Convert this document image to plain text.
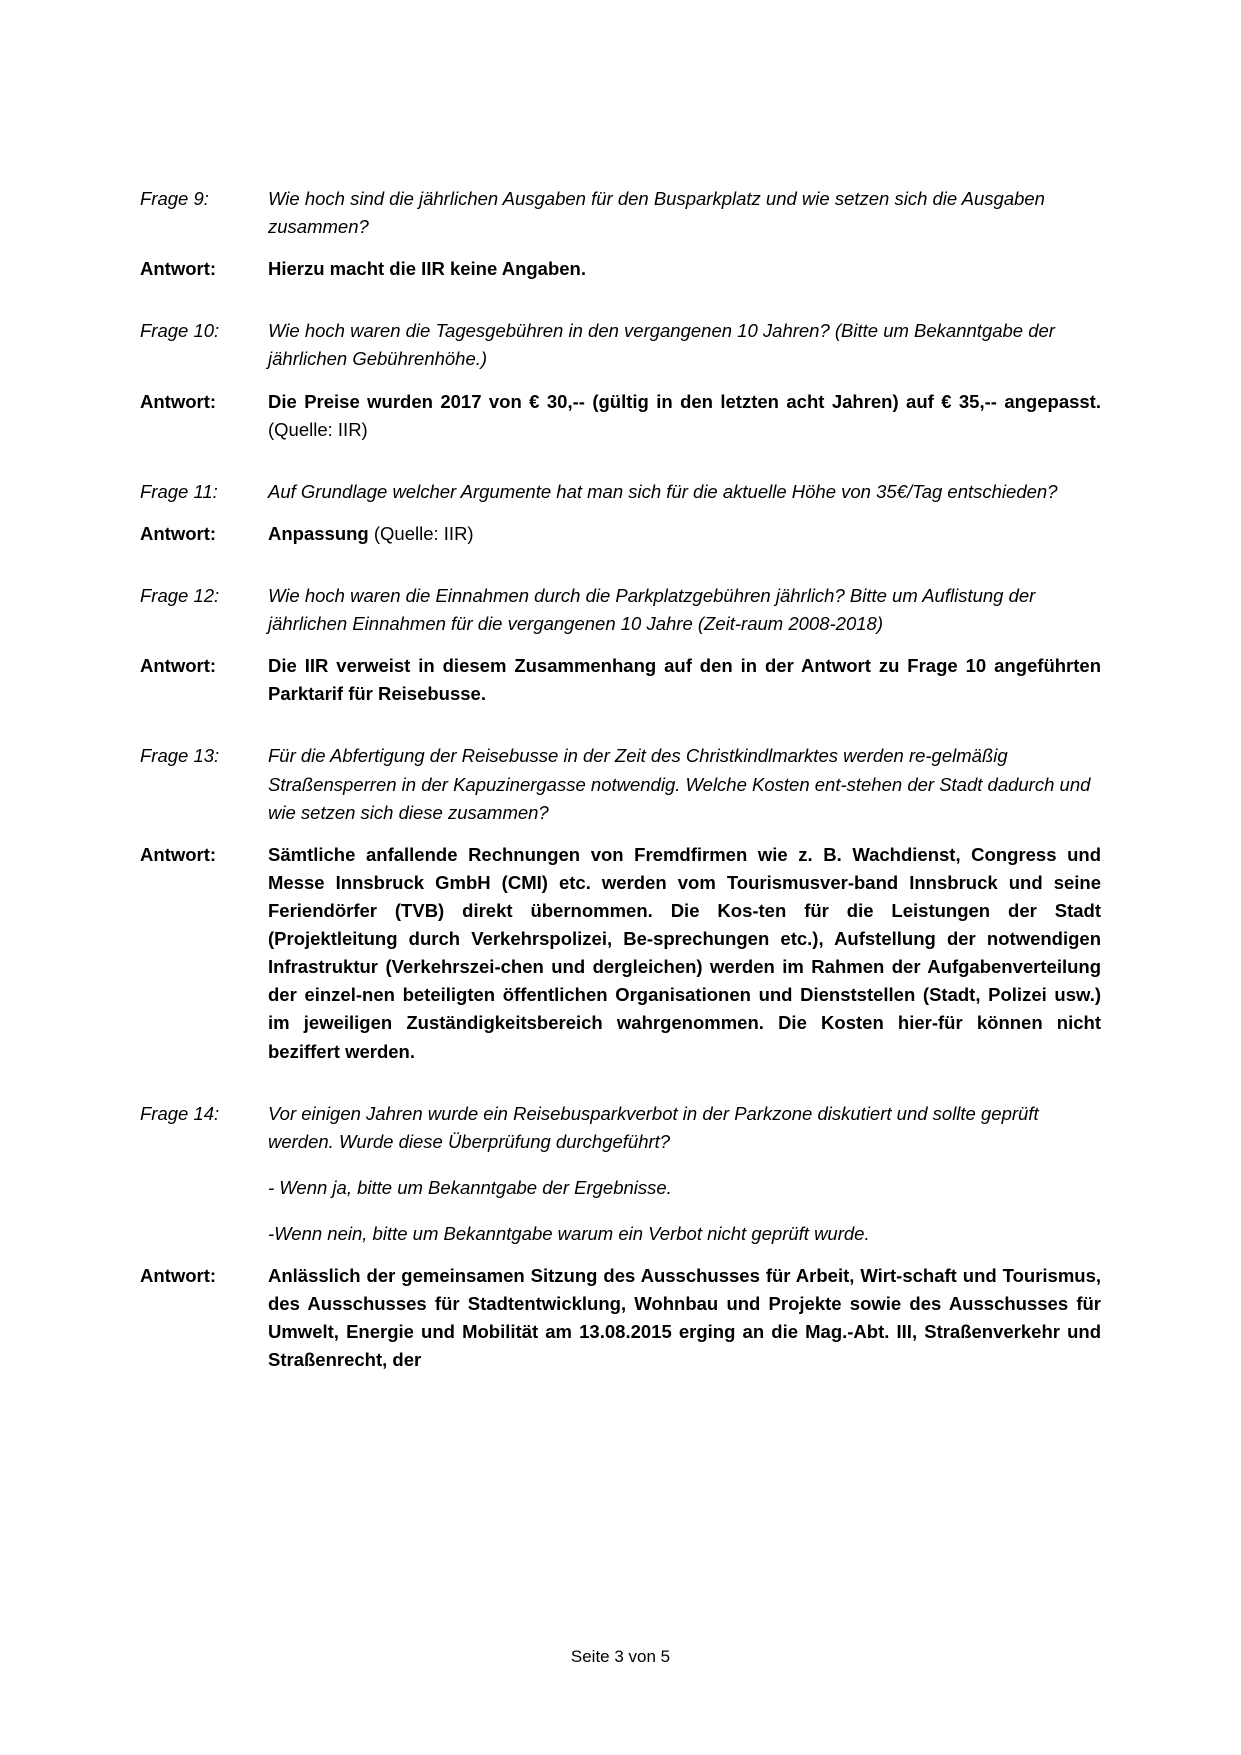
Frage 9:	Wie hoch sind die jährlichen Ausgaben für den Busparkplatz und wie setzen sich die Ausgaben zusammen?
Antwort:	Hierzu macht die IIR keine Angaben.
Frage 10:	Wie hoch waren die Tagesgebühren in den vergangenen 10 Jahren? (Bitte um Bekanntgabe der jährlichen Gebührenhöhe.)
Antwort:	Die Preise wurden 2017 von € 30,-- (gültig in den letzten acht Jahren) auf € 35,-- angepasst. (Quelle: IIR)
Frage 11:	Auf Grundlage welcher Argumente hat man sich für die aktuelle Höhe von 35€/Tag entschieden?
Antwort:	Anpassung (Quelle: IIR)
Frage 12:	Wie hoch waren die Einnahmen durch die Parkplatzgebühren jährlich? Bitte um Auflistung der jährlichen Einnahmen für die vergangenen 10 Jahre (Zeit-raum 2008-2018)
Antwort:	Die IIR verweist in diesem Zusammenhang auf den in der Antwort zu Frage 10 angeführten Parktarif für Reisebusse.
Frage 13:	Für die Abfertigung der Reisebusse in der Zeit des Christkindlmarktes werden re-gelmäßig Straßensperren in der Kapuzinergasse notwendig. Welche Kosten ent-stehen der Stadt dadurch und wie setzen sich diese zusammen?
Antwort:	Sämtliche anfallende Rechnungen von Fremdfirmen wie z. B. Wachdienst, Congress und Messe Innsbruck GmbH (CMI) etc. werden vom Tourismusver-band Innsbruck und seine Feriendörfer (TVB) direkt übernommen. Die Kos-ten für die Leistungen der Stadt (Projektleitung durch Verkehrspolizei, Be-sprechungen etc.), Aufstellung der notwendigen Infrastruktur (Verkehrszei-chen und dergleichen) werden im Rahmen der Aufgabenverteilung der einzel-nen beteiligten öffentlichen Organisationen und Dienststellen (Stadt, Polizei usw.) im jeweiligen Zuständigkeitsbereich wahrgenommen. Die Kosten hier-für können nicht beziffert werden.
Frage 14:	Vor einigen Jahren wurde ein Reisebusparkverbot in der Parkzone diskutiert und sollte geprüft werden. Wurde diese Überprüfung durchgeführt?
- Wenn ja, bitte um Bekanntgabe der Ergebnisse.
-Wenn nein, bitte um Bekanntgabe warum ein Verbot nicht geprüft wurde.
Antwort:	Anlässlich der gemeinsamen Sitzung des Ausschusses für Arbeit, Wirt-schaft und Tourismus, des Ausschusses für Stadtentwicklung, Wohnbau und Projekte sowie des Ausschusses für Umwelt, Energie und Mobilität am 13.08.2015 erging an die Mag.-Abt. III, Straßenverkehr und Straßenrecht, der
Seite 3 von 5
